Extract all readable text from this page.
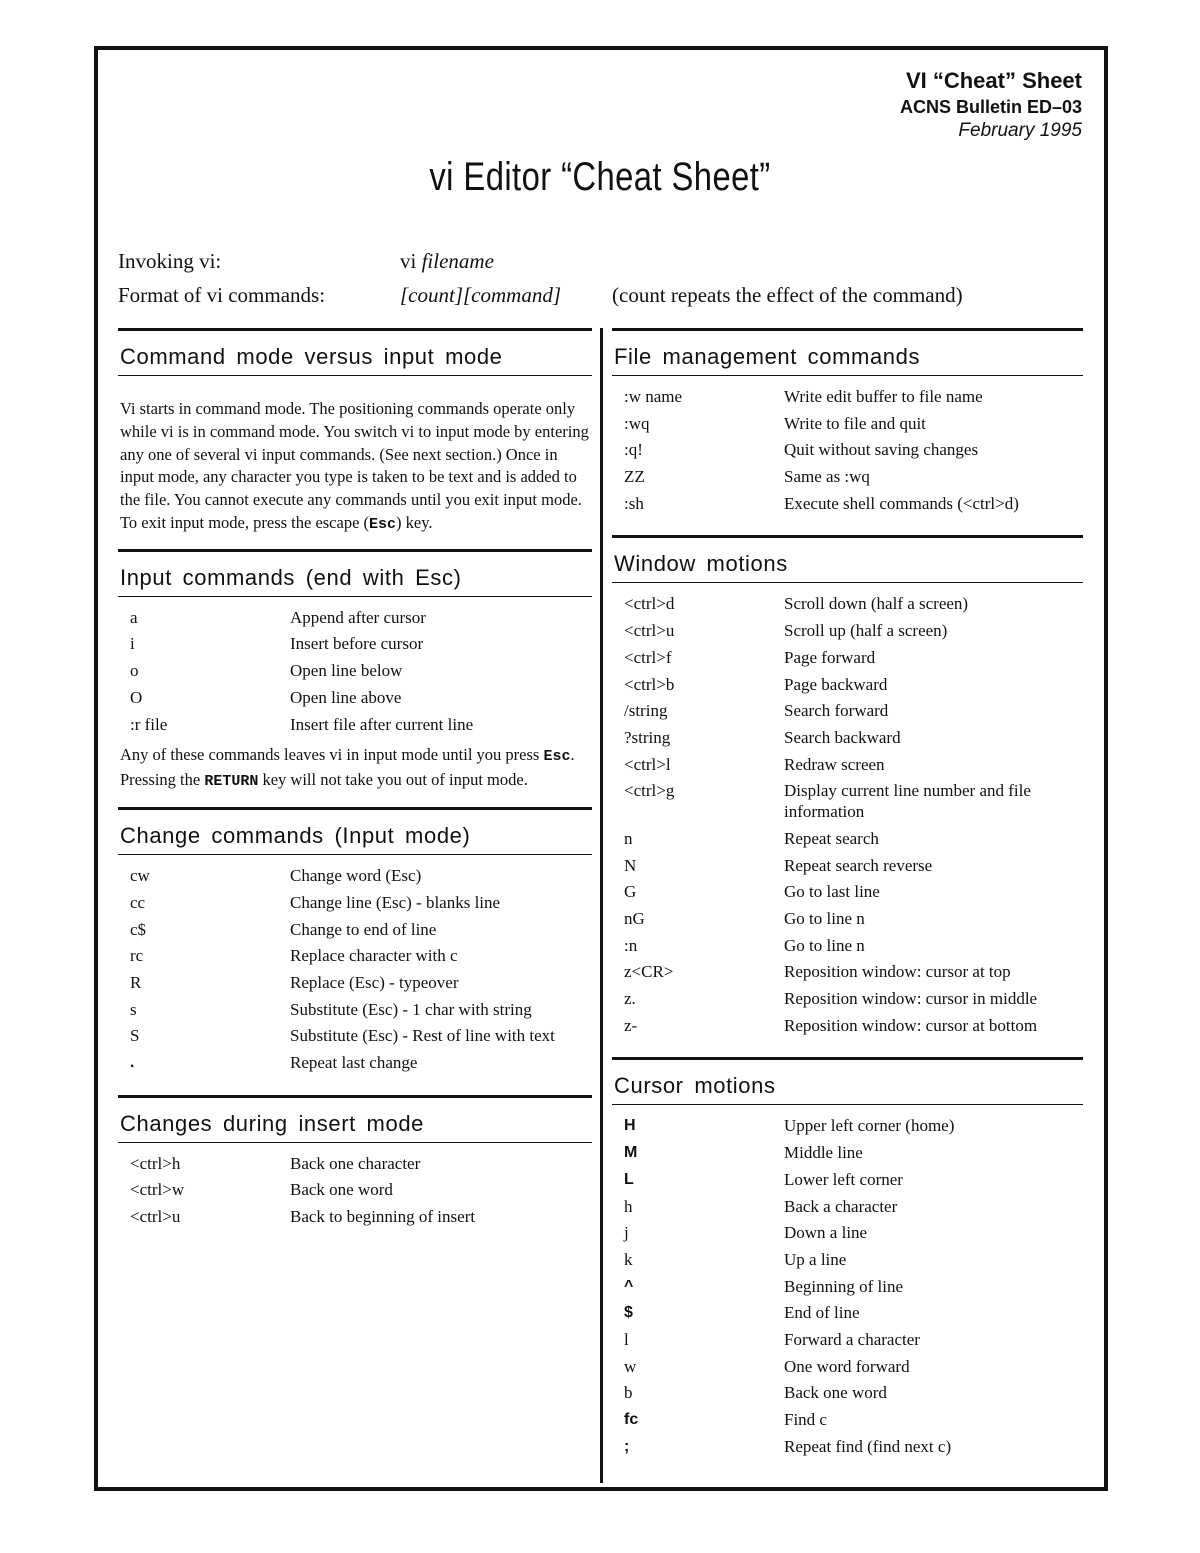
VI “Cheat” Sheet
ACNS Bulletin ED–03
February 1995
vi Editor “Cheat Sheet”
Invoking vi:	vi filename
Format of vi commands:	[count][command] (count repeats the effect of the command)
Command mode versus input mode
Vi starts in command mode. The positioning commands operate only while vi is in command mode. You switch vi to input mode by entering any one of several vi input commands. (See next section.) Once in input mode, any character you type is taken to be text and is added to the file. You cannot execute any commands until you exit input mode. To exit input mode, press the escape (Esc) key.
Input commands (end with Esc)
a	Append after cursor
i	Insert before cursor
o	Open line below
O	Open line above
:r file	Insert file after current line
Any of these commands leaves vi in input mode until you press Esc. Pressing the RETURN key will not take you out of input mode.
Change commands (Input mode)
cw	Change word (Esc)
cc	Change line (Esc) - blanks line
c$	Change to end of line
rc	Replace character with c
R	Replace (Esc) - typeover
s	Substitute (Esc) - 1 char with string
S	Substitute (Esc) - Rest of line with text
.	Repeat last change
Changes during insert mode
<ctrl>h	Back one character
<ctrl>w	Back one word
<ctrl>u	Back to beginning of insert
File management commands
:w name	Write edit buffer to file name
:wq	Write to file and quit
:q!	Quit without saving changes
ZZ	Same as :wq
:sh	Execute shell commands (<ctrl>d)
Window motions
<ctrl>d	Scroll down (half a screen)
<ctrl>u	Scroll up (half a screen)
<ctrl>f	Page forward
<ctrl>b	Page backward
/string	Search forward
?string	Search backward
<ctrl>l	Redraw screen
<ctrl>g	Display current line number and file information
n	Repeat search
N	Repeat search reverse
G	Go to last line
nG	Go to line n
:n	Go to line n
z<CR>	Reposition window: cursor at top
z.	Reposition window: cursor in middle
z-	Reposition window: cursor at bottom
Cursor motions
H	Upper left corner (home)
M	Middle line
L	Lower left corner
h	Back a character
j	Down a line
k	Up a line
^	Beginning of line
$	End of line
l	Forward a character
w	One word forward
b	Back one word
fc	Find c
;	Repeat find (find next c)
